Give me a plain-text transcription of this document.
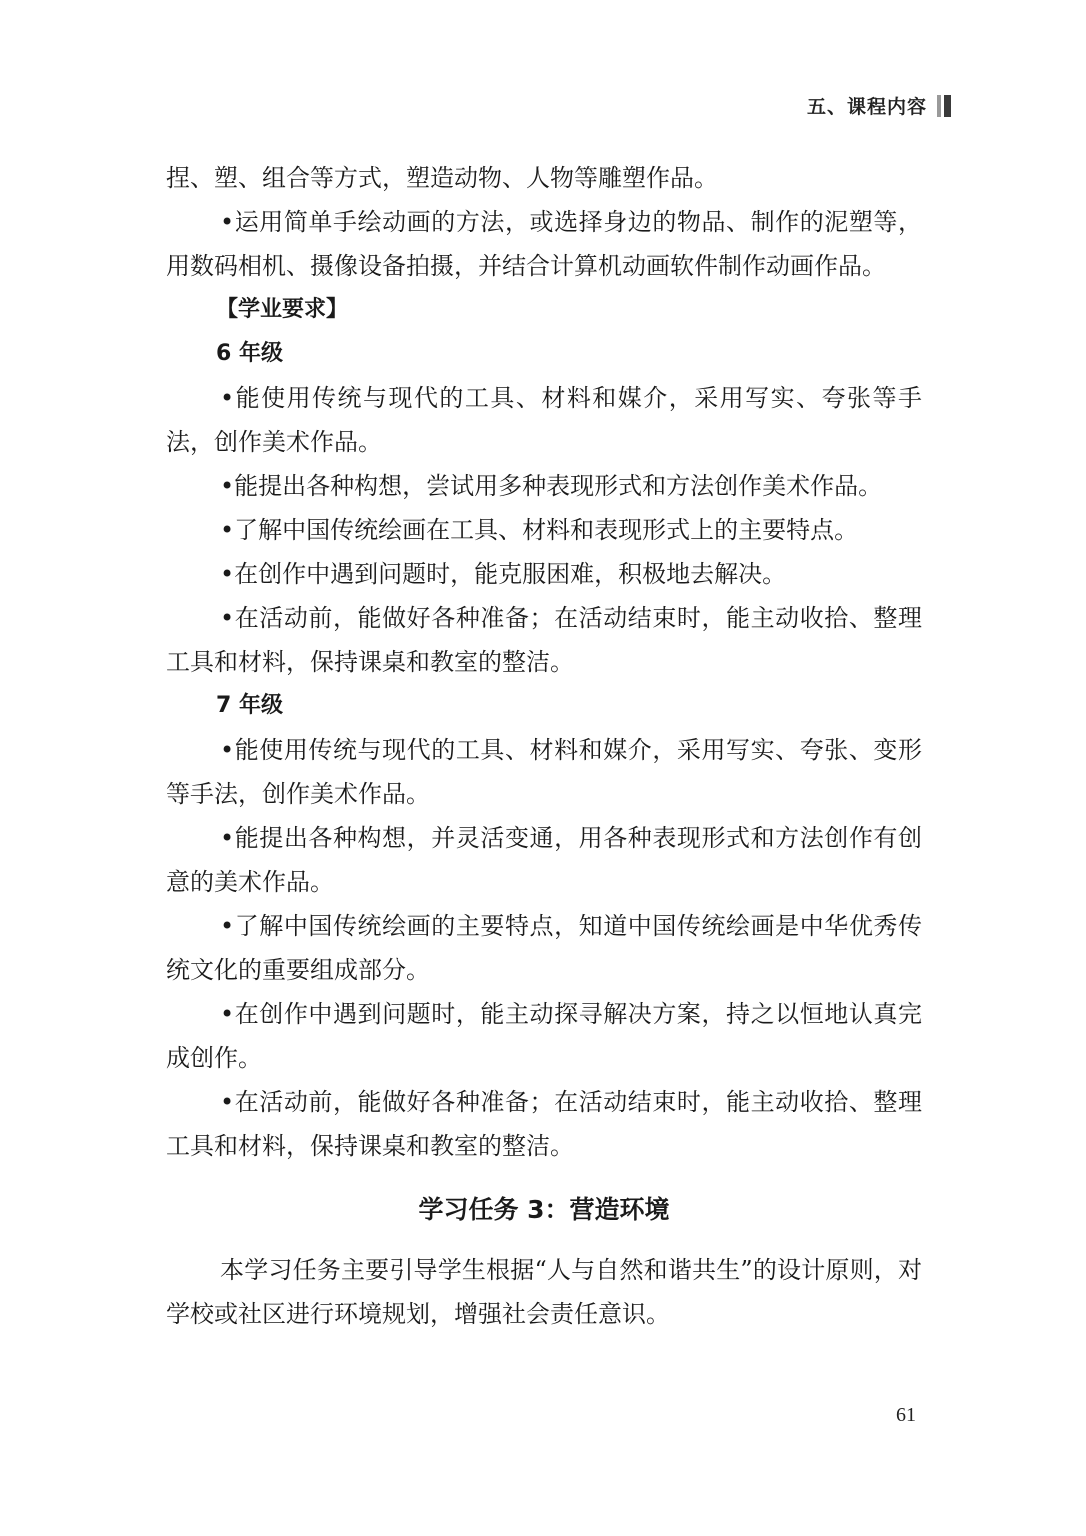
五、课程内容

捏、塑、组合等方式，塑造动物、人物等雕塑作品。

•运用简单手绘动画的方法，或选择身边的物品、制作的泥塑等，用数码相机、摄像设备拍摄，并结合计算机动画软件制作动画作品。

【学业要求】
6 年级

•能使用传统与现代的工具、材料和媒介，采用写实、夸张等手法，创作美术作品。

•能提出各种构想，尝试用多种表现形式和方法创作美术作品。

•了解中国传统绘画在工具、材料和表现形式上的主要特点。

•在创作中遇到问题时，能克服困难，积极地去解决。

•在活动前，能做好各种准备；在活动结束时，能主动收拾、整理工具和材料，保持课桌和教室的整洁。

7 年级

•能使用传统与现代的工具、材料和媒介，采用写实、夸张、变形等手法，创作美术作品。

•能提出各种构想，并灵活变通，用各种表现形式和方法创作有创意的美术作品。

•了解中国传统绘画的主要特点，知道中国传统绘画是中华优秀传统文化的重要组成部分。

•在创作中遇到问题时，能主动探寻解决方案，持之以恒地认真完成创作。

•在活动前，能做好各种准备；在活动结束时，能主动收拾、整理工具和材料，保持课桌和教室的整洁。

学习任务 3：营造环境

本学习任务主要引导学生根据“人与自然和谐共生”的设计原则，对学校或社区进行环境规划，增强社会责任意识。

61
